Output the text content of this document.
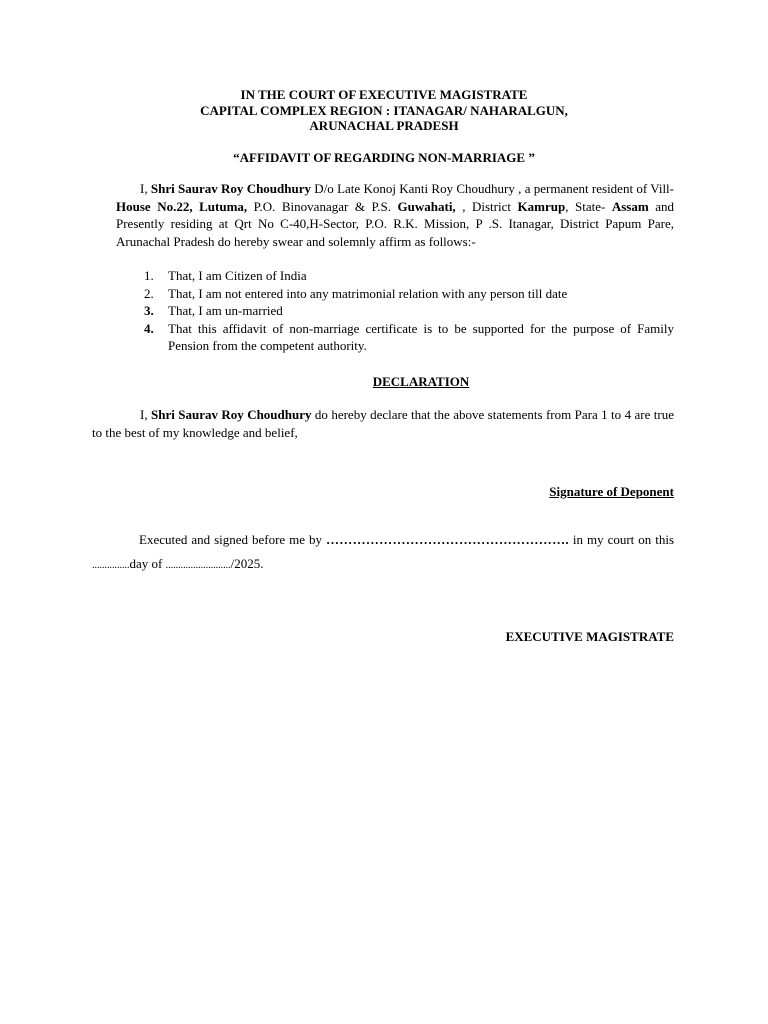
IN THE COURT OF EXECUTIVE MAGISTRATE
CAPITAL COMPLEX REGION : ITANAGAR/ NAHARALGUN,
ARUNACHAL PRADESH
“AFFIDAVIT OF REGARDING NON-MARRIAGE ”
I, Shri Saurav Roy Choudhury D/o Late Konoj Kanti Roy Choudhury , a permanent resident of Vill- House No.22, Lutuma, P.O. Binovanagar & P.S. Guwahati, , District Kamrup, State- Assam and Presently residing at Qrt No C-40,H-Sector, P.O. R.K. Mission, P .S. Itanagar, District Papum Pare, Arunachal Pradesh do hereby swear and solemnly affirm as follows:-
1. That, I am Citizen of India
2. That, I am not entered into any matrimonial relation with any person till date
3. That, I am un-married
4. That this affidavit of non-marriage certificate is to be supported for the purpose of Family Pension from the competent authority.
DECLARATION
I, Shri Saurav Roy Choudhury do hereby declare that the above statements from Para 1 to 4 are true to the best of my knowledge and belief,
Signature of Deponent
Executed and signed before me by ………………………………………………. in my court on this ...............day of ........................../2025.
EXECUTIVE MAGISTRATE
